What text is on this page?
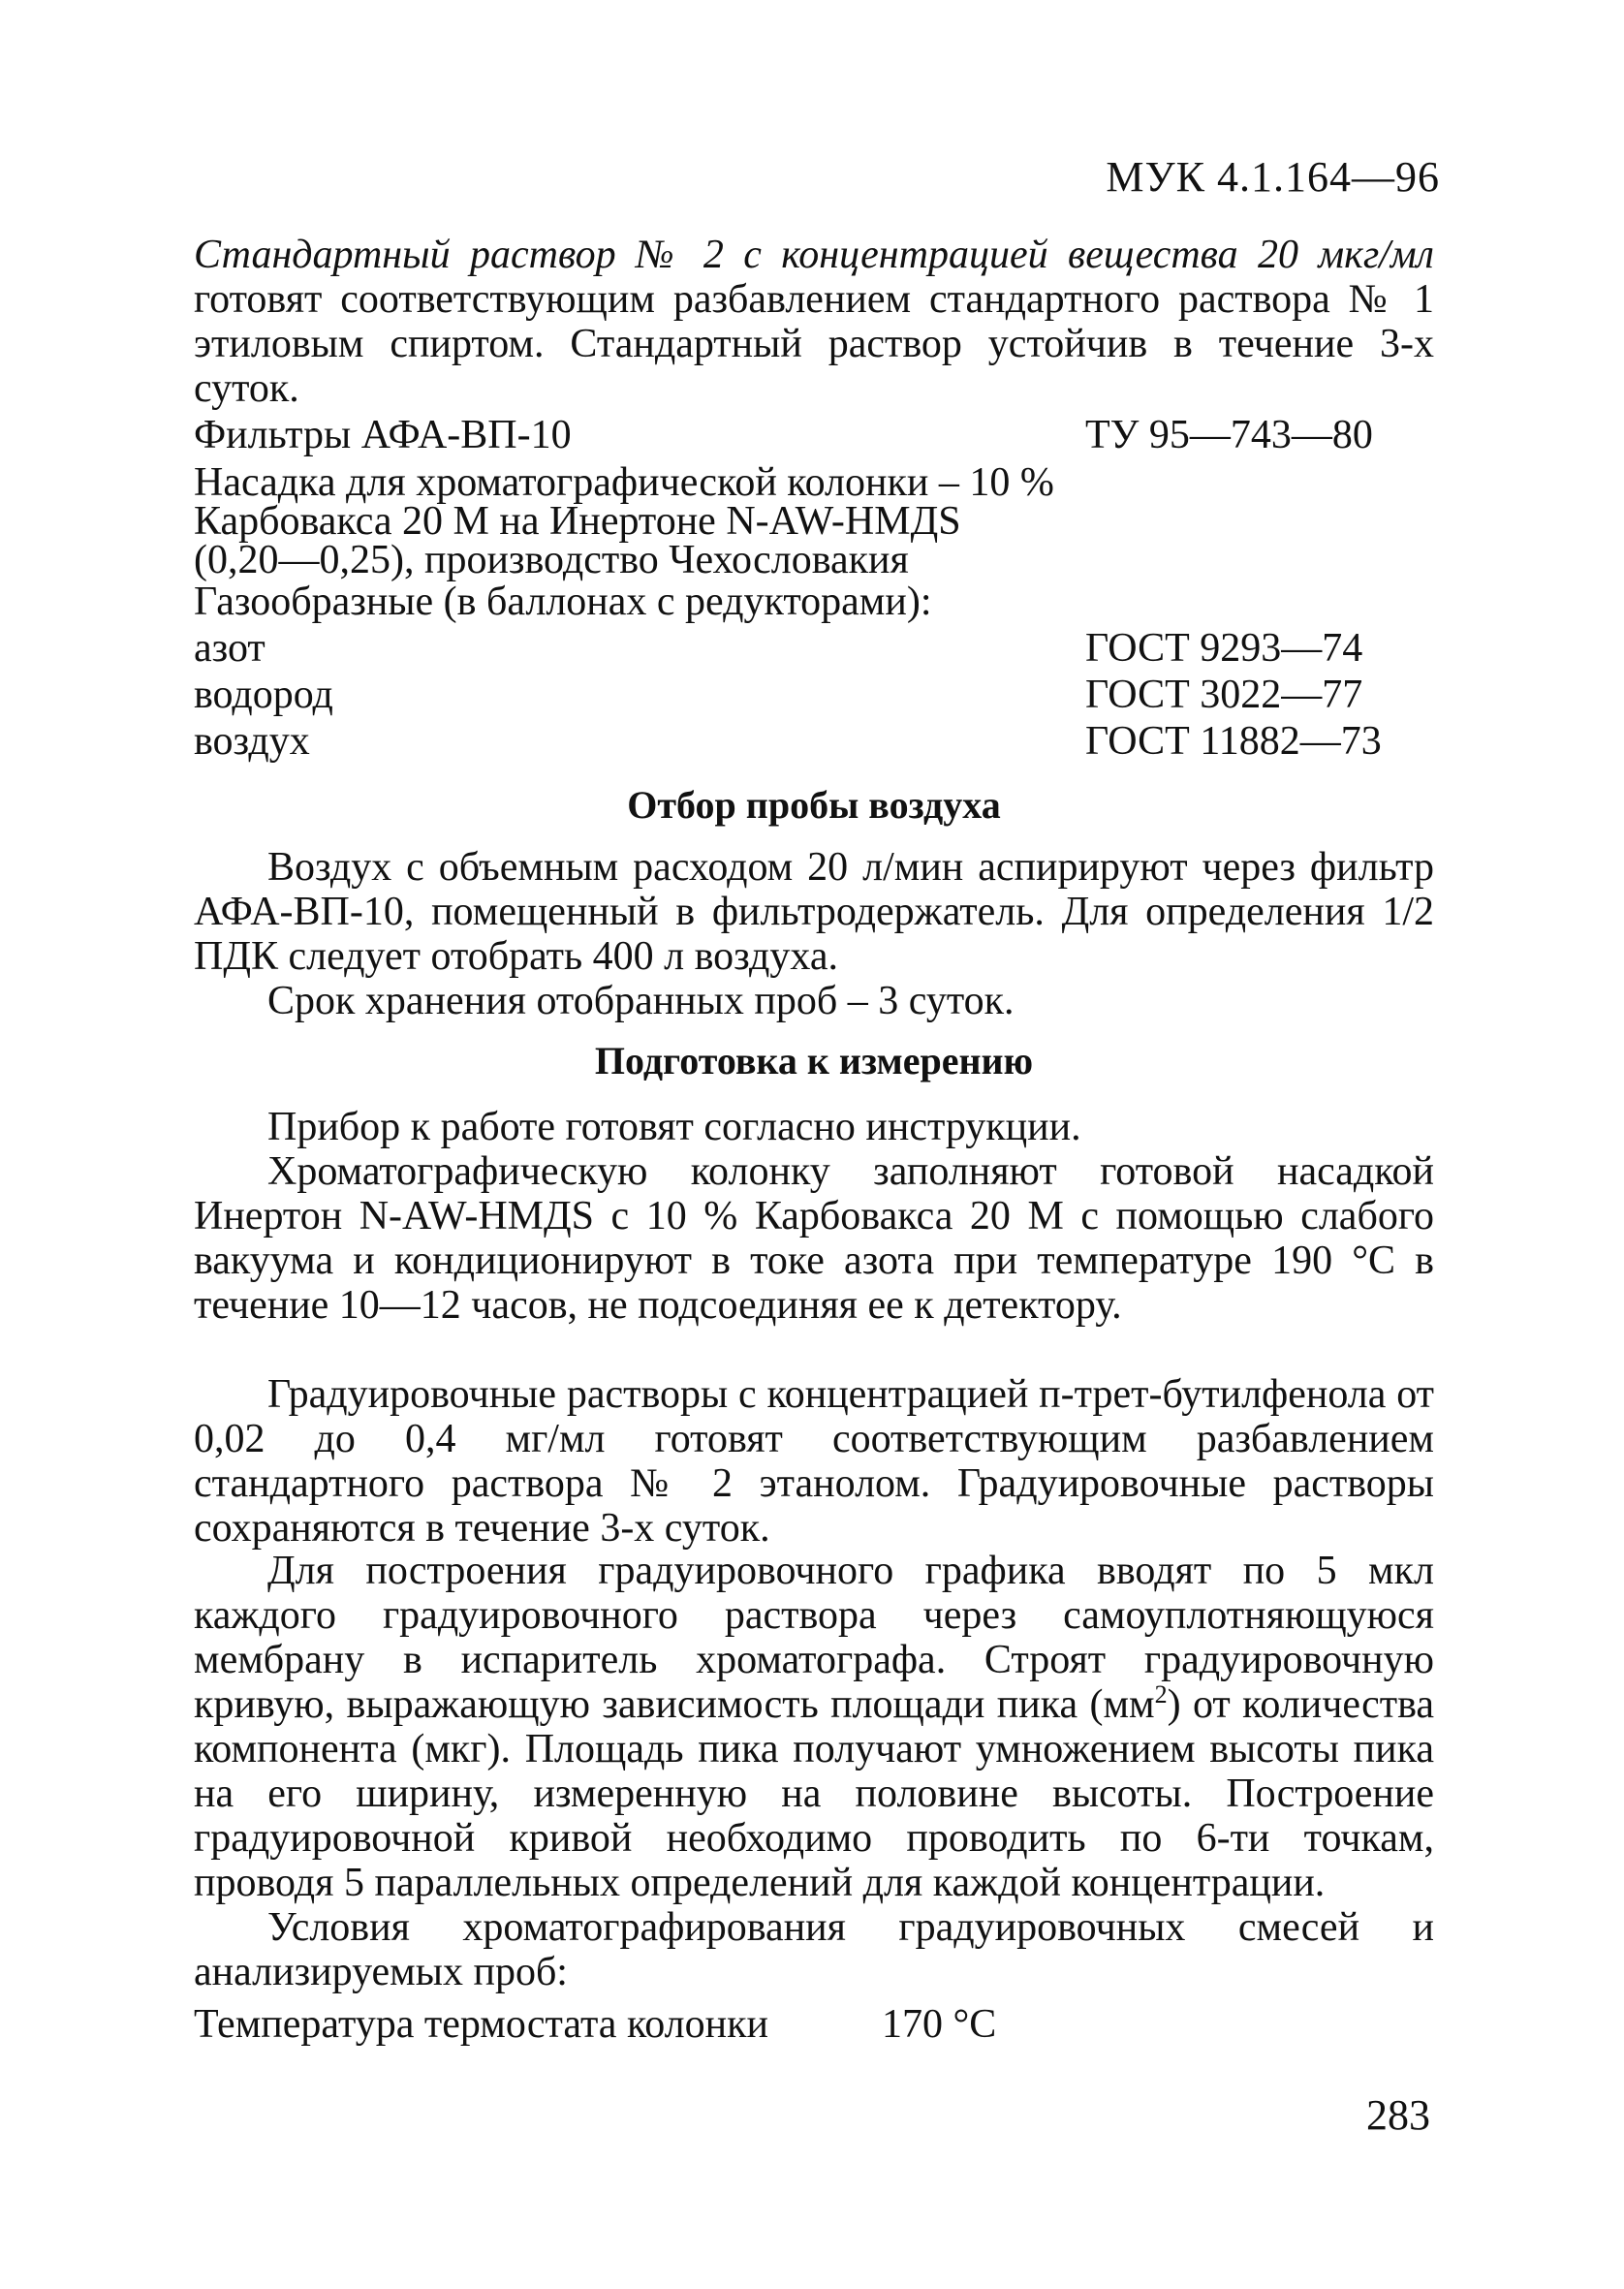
МУК 4.1.164—96
Стандартный раствор № 2 с концентрацией вещества 20 мкг/мл готовят соответствующим разбавлением стандартного раствора № 1 этиловым спиртом. Стандартный раствор устойчив в течение 3-х суток.
Фильтры АФА-ВП-10	ТУ 95—743—80
Насадка для хроматографической колонки – 10 %
Карбовакса 20 М на Инертоне N-AW-HMДS
(0,20—0,25), производство Чехословакия
Газообразные (в баллонах с редукторами):
азот	ГОСТ 9293—74
водород	ГОСТ 3022—77
воздух	ГОСТ 11882—73
Отбор пробы воздуха
Воздух с объемным расходом 20 л/мин аспирируют через фильтр АФА-ВП-10, помещенный в фильтродержатель. Для определения 1/2 ПДК следует отобрать 400 л воздуха.
Срок хранения отобранных проб – 3 суток.
Подготовка к измерению
Прибор к работе готовят согласно инструкции.
Хроматографическую колонку заполняют готовой насадкой Инертон N-AW-HMДS с 10 % Карбовакса 20 М с помощью слабого вакуума и кондиционируют в токе азота при температуре 190 °С в течение 10—12 часов, не подсоединяя ее к детектору.
Градуировочные растворы с концентрацией п-трет-бутилфенола от 0,02 до 0,4 мг/мл готовят соответствующим разбавлением стандартного раствора № 2 этанолом. Градуировочные растворы сохраняются в течение 3-х суток.
Для построения градуировочного графика вводят по 5 мкл каждого градуировочного раствора через самоуплотняющуюся мембрану в испаритель хроматографа. Строят градуировочную кривую, выражающую зависимость площади пика $(мм^2)$ от количества компонента (мкг). Площадь пика получают умножением высоты пика на его ширину, измеренную на половине высоты. Построение градуировочной кривой необходимо проводить по 6-ти точкам, проводя 5 параллельных определений для каждой концентрации.
Условия хроматографирования градуировочных смесей и анализируемых проб:
Температура термостата колонки	170 °С
283
